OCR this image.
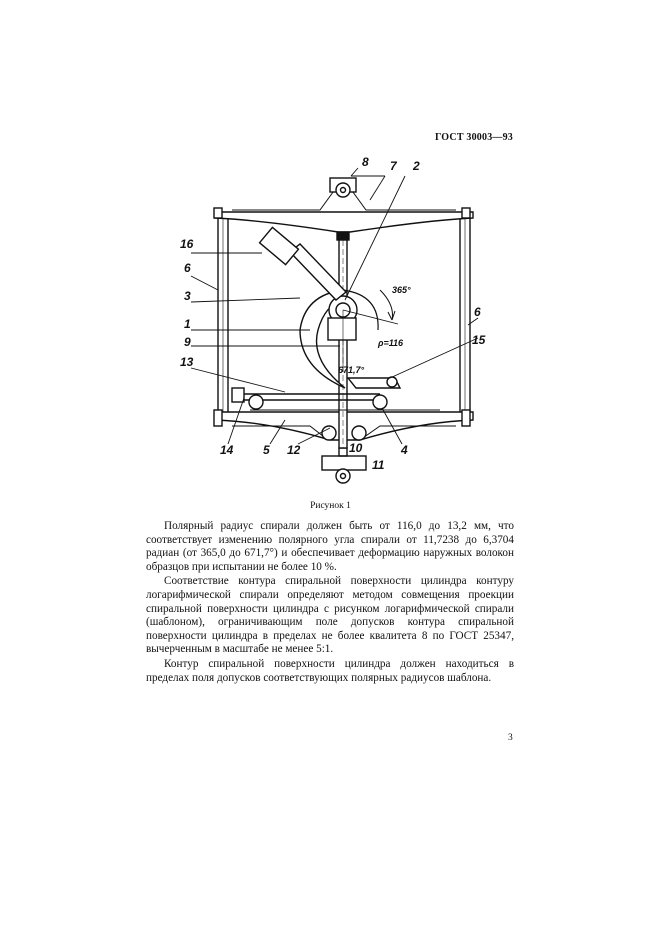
ГОСТ 30003—93
8 7 2
16
6
3
1
9
13
14 5 12	10
11
4
15
6
365°
ρ=116
671,7°
Рисунок 1

Полярный радиус спирали должен быть от 116,0 до 13,2 мм, что соответствует изменению полярного угла спирали от 11,7238 до 6,3704 радиан (от 365,0 до 671,7°) и обеспечивает деформацию наружных волокон образцов при испытании не более 10 %.

Соответствие контура спиральной поверхности цилиндра контуру логарифмической спирали определяют методом совмещения проекции спиральной поверхности цилиндра с рисунком логарифмической спирали (шаблоном), ограничивающим поле допусков контура спиральной поверхности цилиндра в пределах не более квалитета 8 по ГОСТ 25347, вычерченным в масштабе не менее 5:1.

Контур спиральной поверхности цилиндра должен находиться в пределах поля допусков соответствующих полярных радиусов шаблона.

3
